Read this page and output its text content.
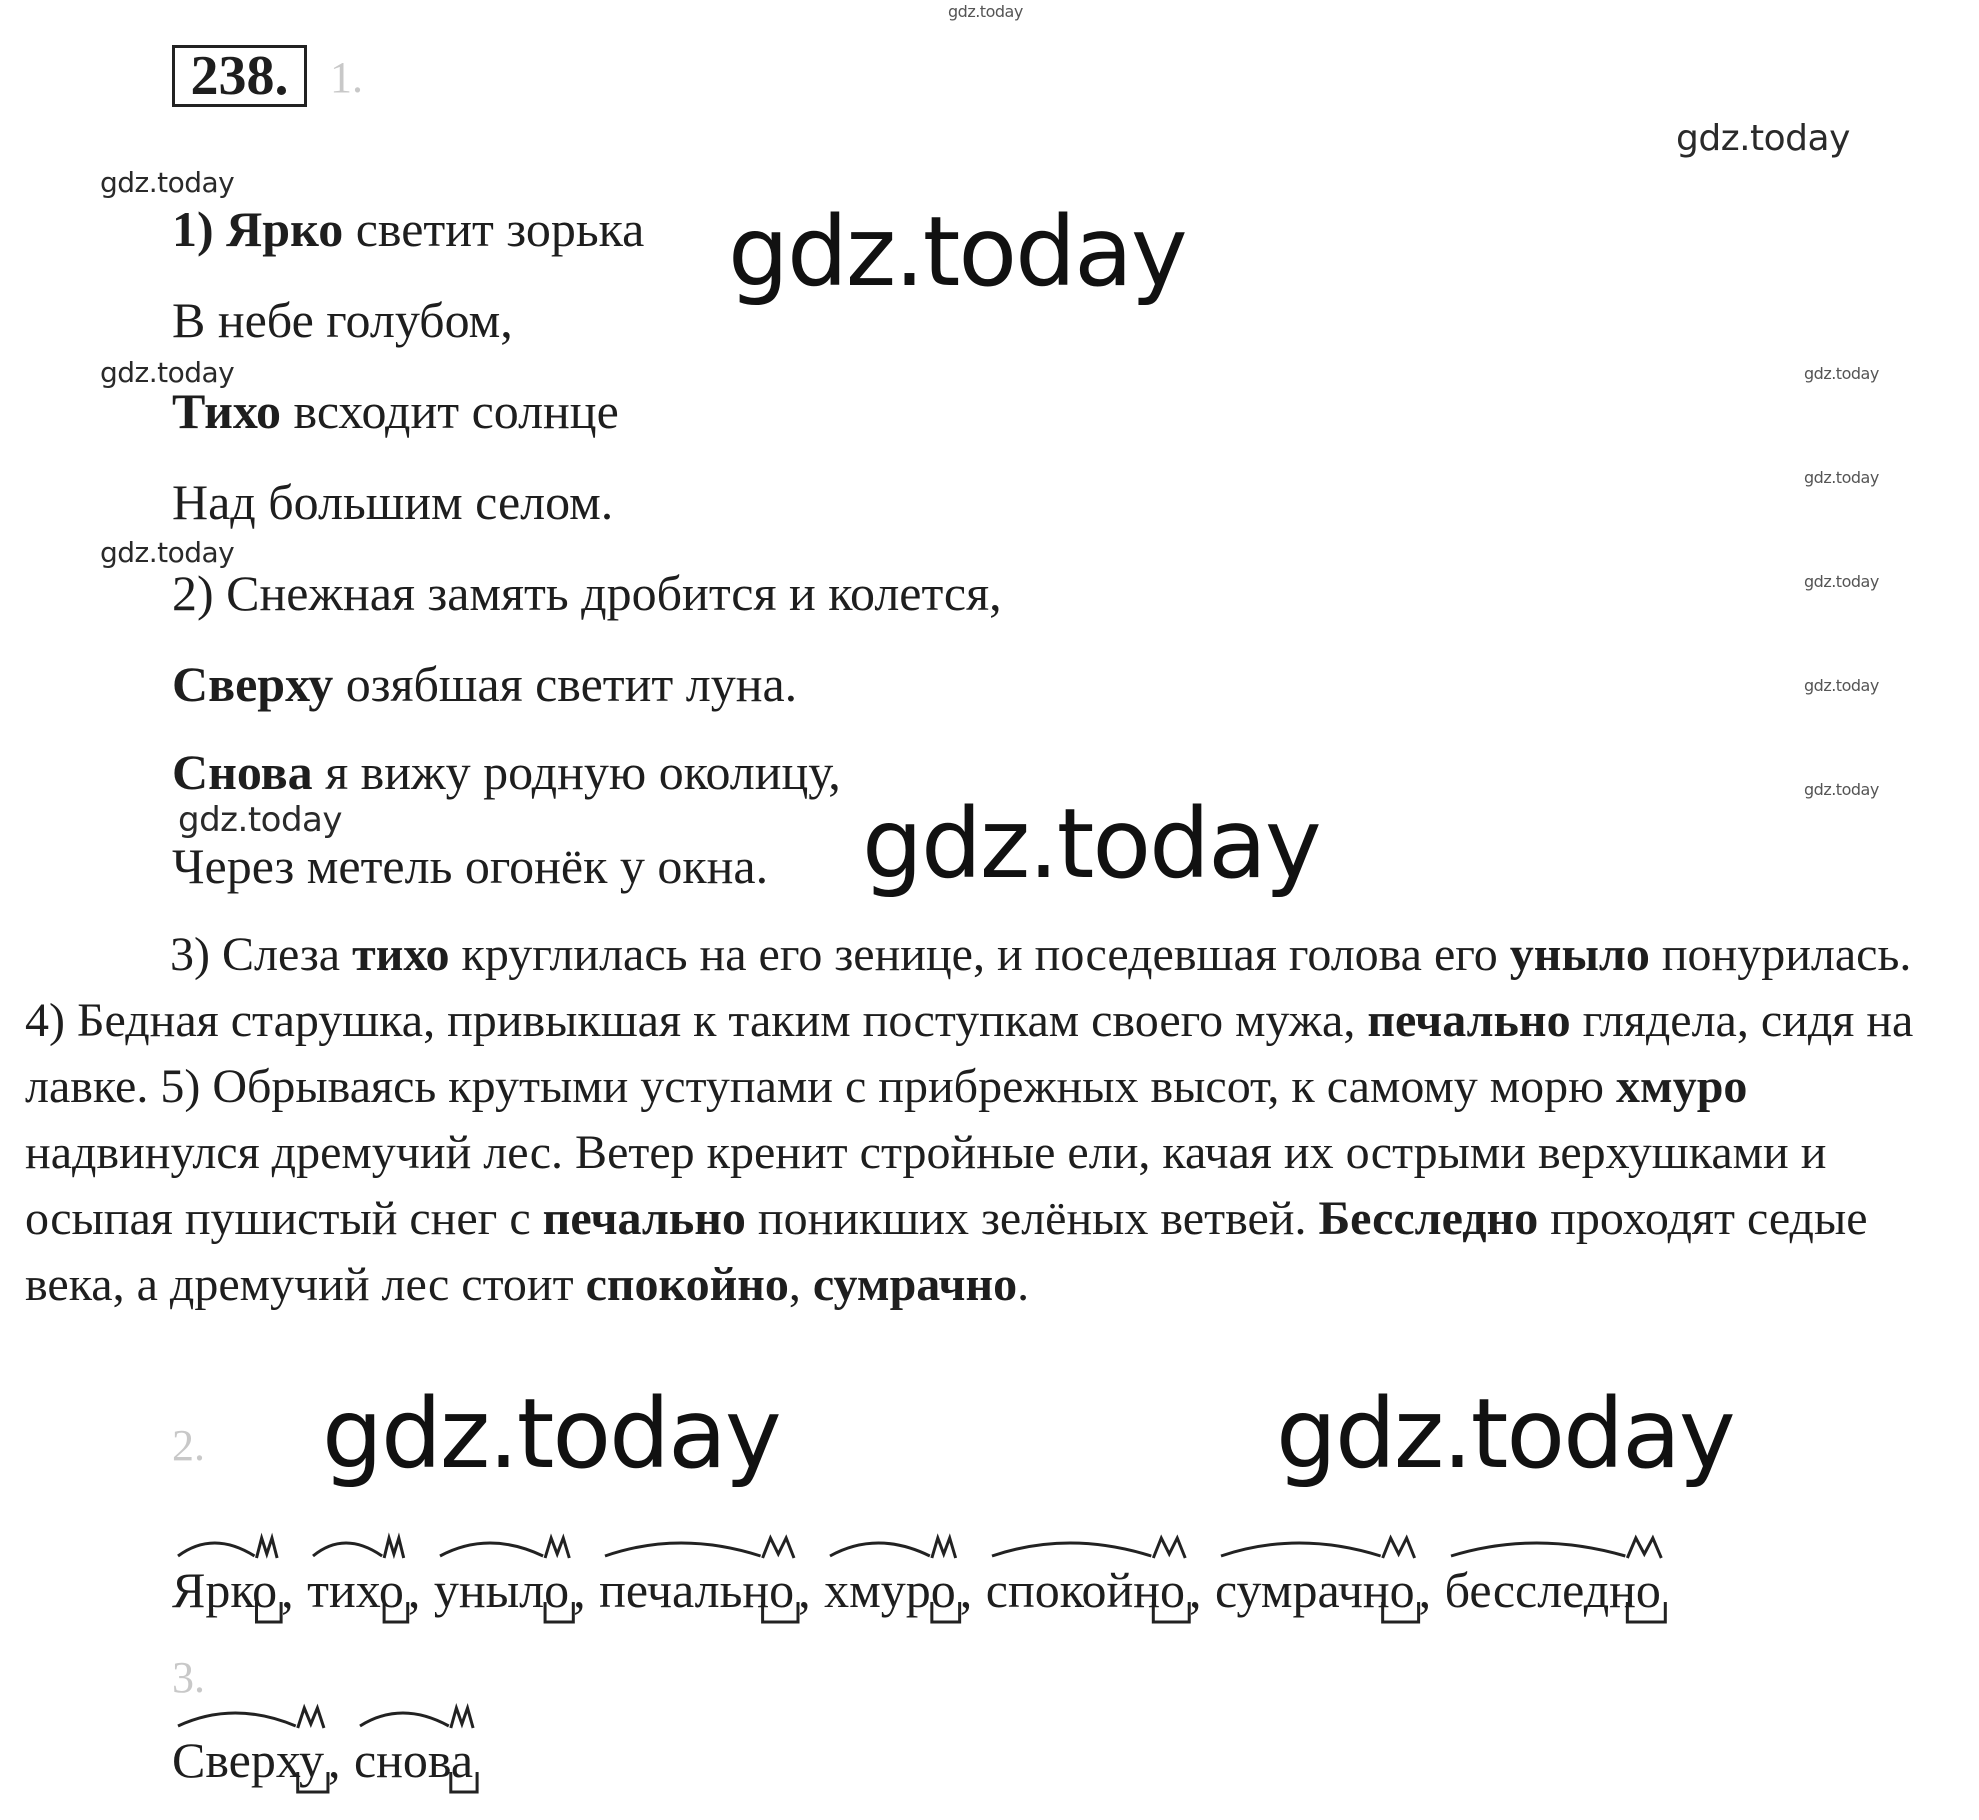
gdz.today
gdz.today
gdz.today
gdz.today
gdz.today
gdz.today
gdz.today
gdz.today
gdz.today
gdz.today
gdz.today
238. 1.
1) Ярко светит зорька
В небе голубом,
Тихо всходит солнце
Над большим селом.
2) Снежная замять дробится и колется,
Сверху озябшая светит луна.
Снова я вижу родную околицу,
Через метель огонёк у окна.
3) Слеза тихо круглилась на его зенице, и поседевшая голова его уныло понурилась. 4) Бедная старушка, привыкшая к таким поступкам своего мужа, печально глядела, сидя на лавке. 5) Обрываясь крутыми уступами с прибрежных высот, к самому морю хмуро надвинулся дремучий лес. Ветер кренит стройные ели, качая их острыми верхушками и осыпая пушистый снег с печально поникших зелёных ветвей. Бесследно проходят седые века, а дремучий лес стоит спокойно, сумрачно.
2.
Ярко , тихо , уныло , печально , хмуро , спокойно , сумрачно , бесследно
3.
Сверху , снова
gdz.today
gdz.today
gdz.today	gdz.today
